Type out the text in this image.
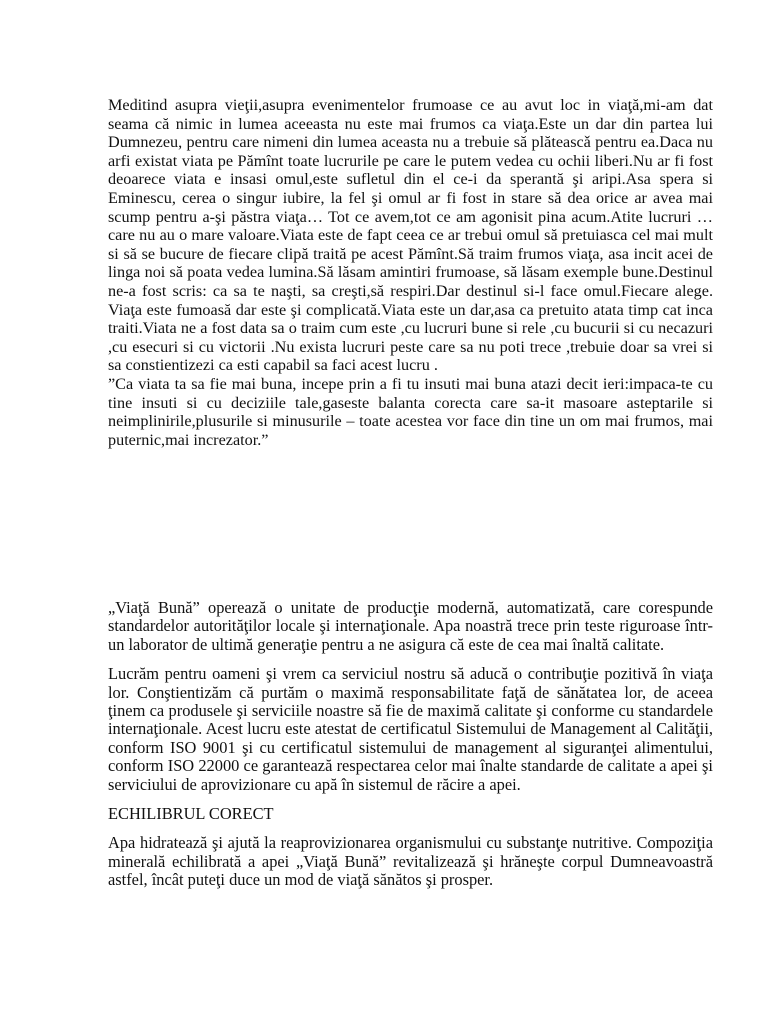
Meditind asupra vieţii,asupra evenimentelor frumoase ce au avut loc in viaţă,mi-am dat seama că nimic in lumea aceeasta nu este mai frumos ca viaţa.Este un dar din partea lui Dumnezeu, pentru care nimeni din lumea aceasta nu a trebuie să plăteascǎ pentru ea.Daca nu arfi existat viata pe Pămînt toate lucrurile pe care le putem vedea cu ochii liberi.Nu ar fi fost deoarece viata e insasi omul,este sufletul din el ce-i da sperantă şi aripi.Asa spera si Eminescu, cerea o singur iubire, la fel şi omul ar fi fost in stare să dea orice ar avea mai scump pentru a-şi păstra viaţa… Tot ce avem,tot ce am agonisit pina acum.Atite lucruri … care nu au o mare valoare.Viata este de fapt ceea ce ar trebui omul să pretuiasca cel mai mult si să se bucure de fiecare clipă traită pe acest Pămînt.Să traim frumos viaţa, asa incit acei de linga noi să poata vedea lumina.Să lăsam amintiri frumoase, să lăsam exemple bune.Destinul ne-a fost scris: ca sa te naşti, sa creşti,să respiri.Dar destinul si-l face omul.Fiecare alege. Viaţa este fumoasă dar este şi complicată.Viata este un dar,asa ca pretuito atata timp cat inca traiti.Viata ne a fost data sa o traim cum este ,cu lucruri bune si rele ,cu bucurii si cu necazuri ,cu esecuri si cu victorii .Nu exista lucruri peste care sa nu poti trece ,trebuie doar sa vrei si sa constientizezi ca esti capabil sa faci acest lucru .

”Ca viata ta sa fie mai buna, incepe prin a fi tu insuti mai buna atazi decit ieri:impaca-te cu tine insuti si cu deciziile tale,gaseste balanta corecta care sa-it masoare asteptarile si neimplinirile,plusurile si minusurile – toate acestea vor face din tine un om mai frumos, mai puternic,mai increzator.”

„Viaţă Bună” operează o unitate de producţie modernă, automatizată, care corespunde standardelor autorităţilor locale şi internaţionale. Apa noastră trece prin teste riguroase într-un laborator de ultimă generaţie pentru a ne asigura că este de cea mai înaltă calitate.

Lucrăm pentru oameni şi vrem ca serviciul nostru să aducă o contribuţie pozitivă în viaţa lor. Conştientizăm că purtăm o maximă responsabilitate faţă de sănătatea lor, de aceea ţinem ca produsele şi serviciile noastre să fie de maximă calitate şi conforme cu standardele internaţionale. Acest lucru este atestat de certificatul Sistemului de Management al Calităţii, conform ISO 9001 şi cu certificatul sistemului de management al siguranţei alimentului, conform ISO 22000 ce garantează respectarea celor mai înalte standarde de calitate a apei şi serviciului de aprovizionare cu apă în sistemul de răcire a apei.

ECHILIBRUL CORECT

Apa hidratează şi ajută la reaprovizionarea organismului cu substanţe nutritive. Compoziţia minerală echilibrată a apei „Viaţă Bună” revitalizează şi hrăneşte corpul Dumneavoastră astfel, încât puteţi duce un mod de viaţă sănătos şi prosper.
